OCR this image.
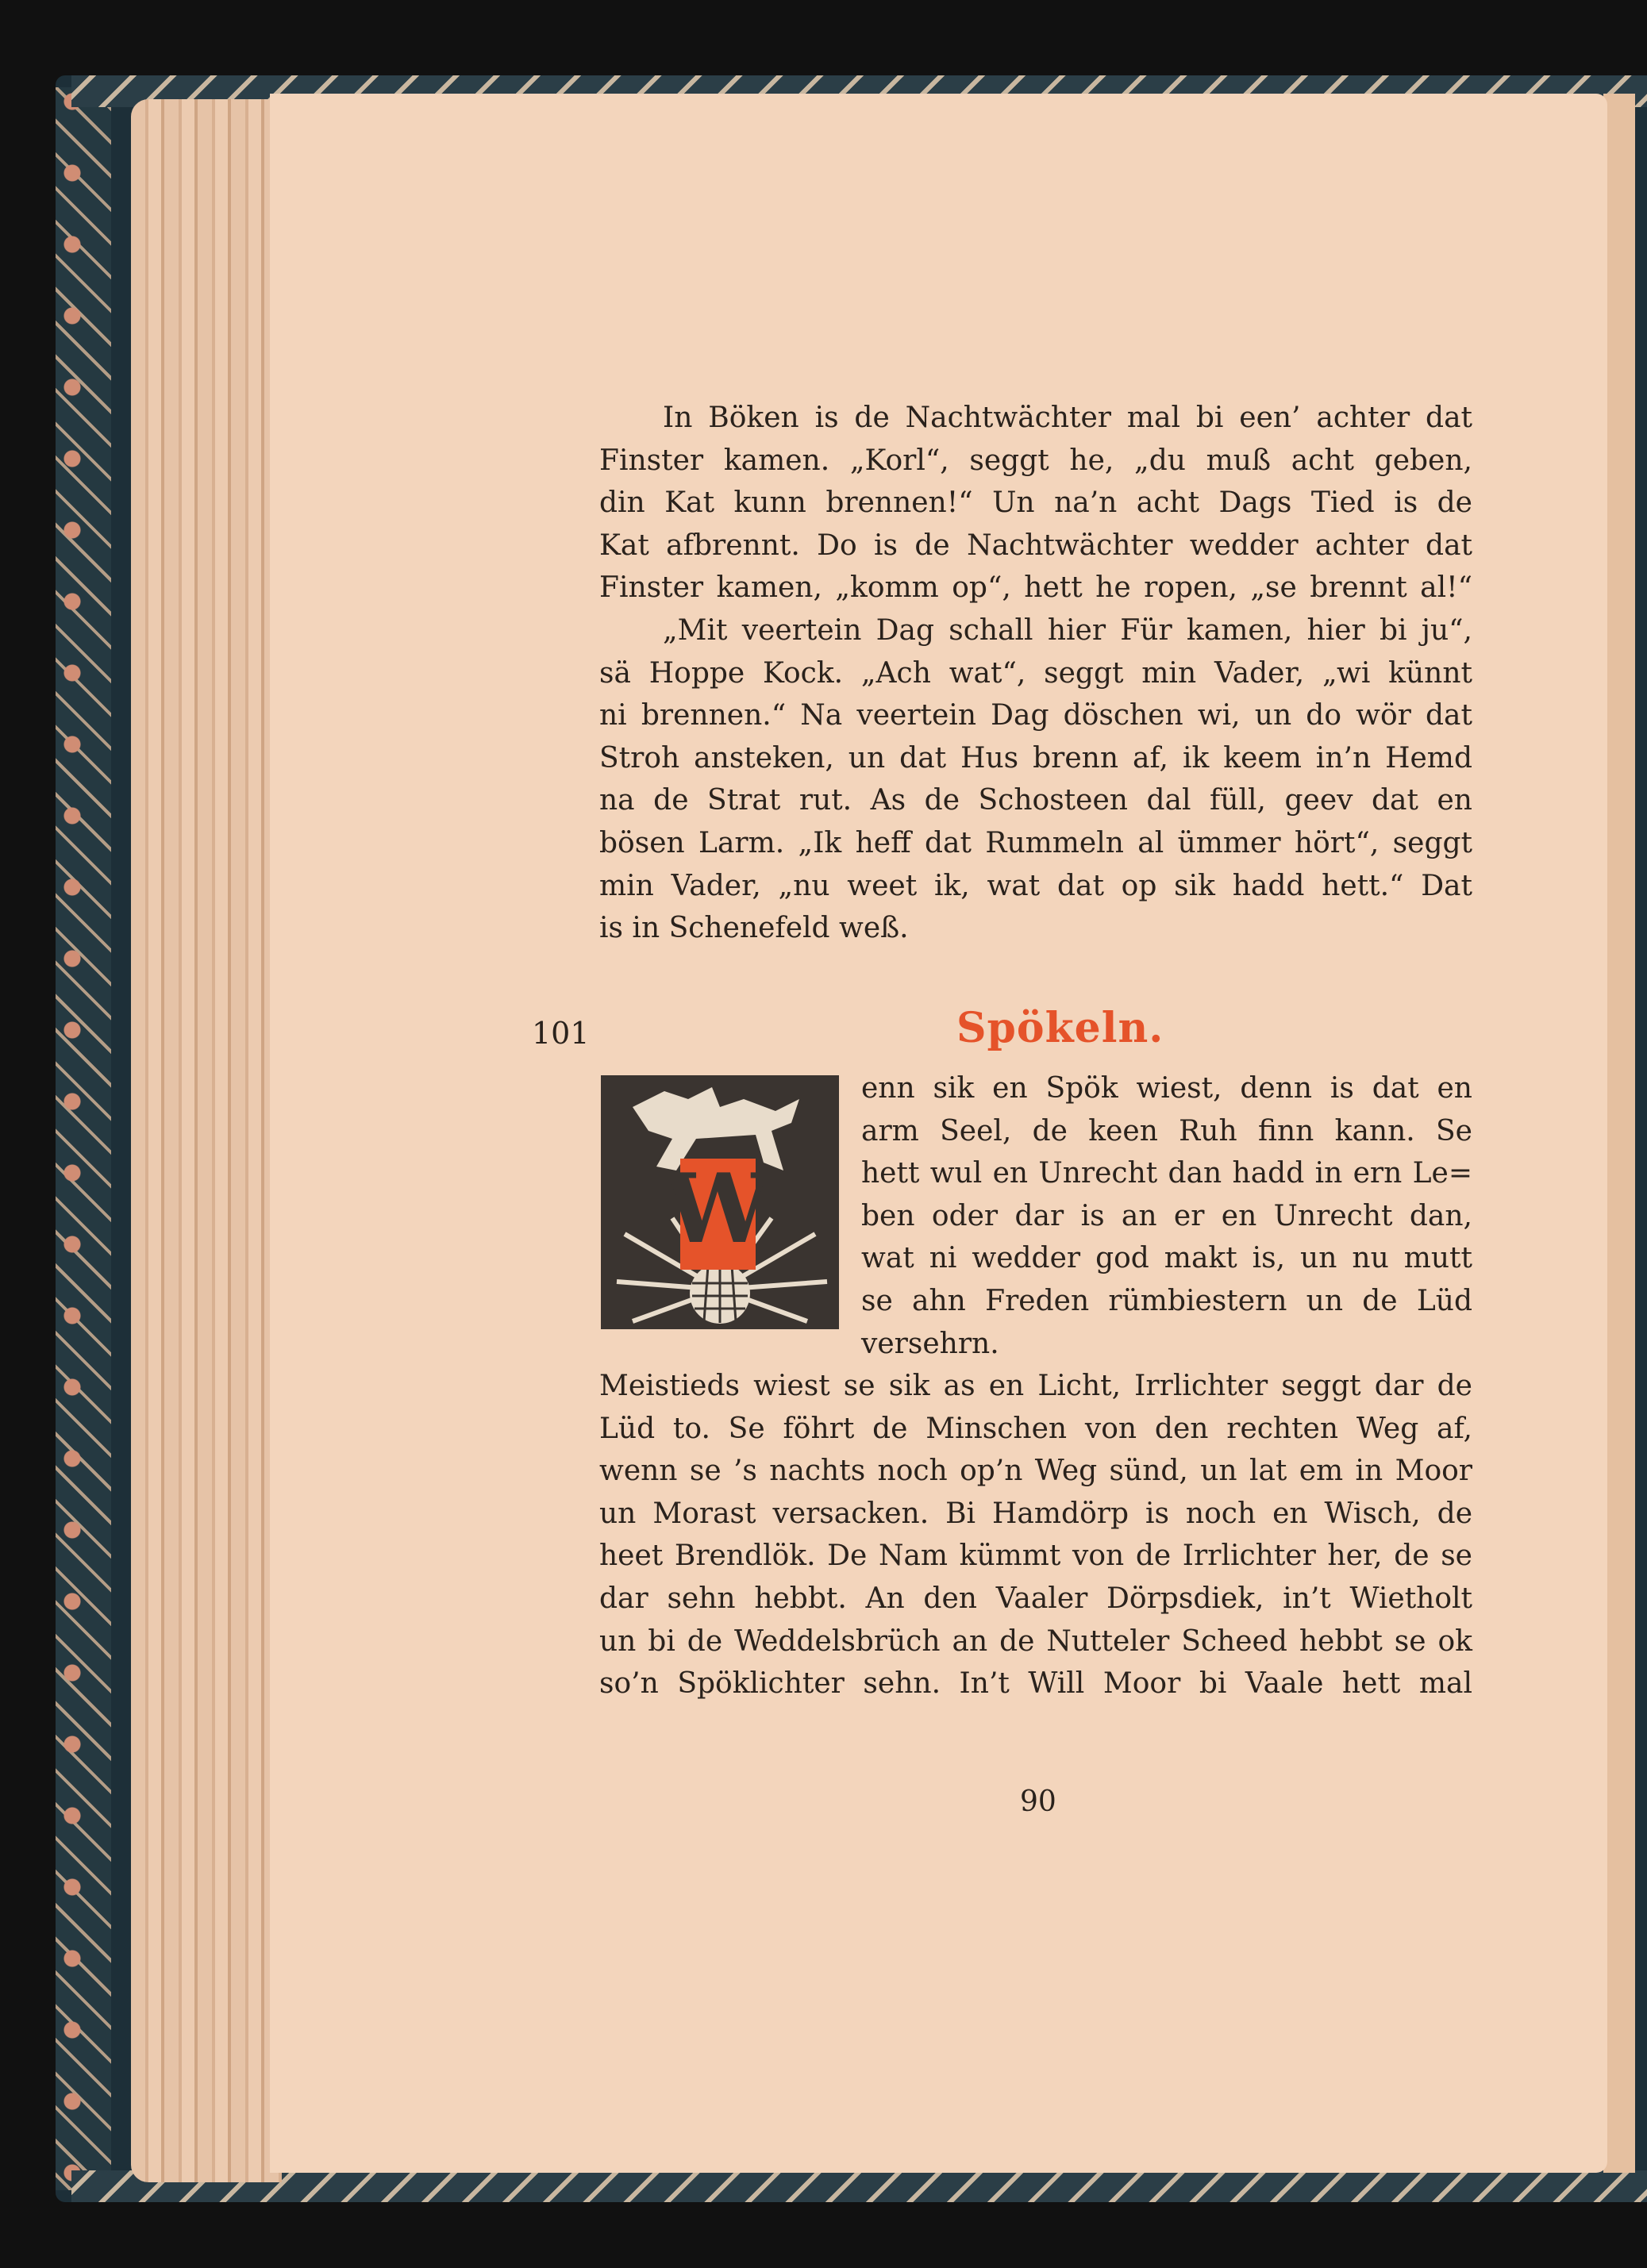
In Böken is de Nachtwächter mal bi een’ achter dat
Finster kamen. „Korl“, seggt he, „du muß acht geben,
din Kat kunn brennen!“ Un na’n acht Dags Tied is de
Kat afbrennt. Do is de Nachtwächter wedder achter dat
Finster kamen, „komm op“, hett he ropen, „se brennt al!“

„Mit veertein Dag schall hier Für kamen, hier bi ju“,
sä Hoppe Kock. „Ach wat“, seggt min Vader, „wi künnt
ni brennen.“ Na veertein Dag döschen wi, un do wör dat
Stroh ansteken, un dat Hus brenn af, ik keem in’n Hemd
na de Strat rut. As de Schosteen dal füll, geev dat en
bösen Larm. „Ik heff dat Rummeln al ümmer hört“, seggt
min Vader, „nu weet ik, wat dat op sik hadd hett.“ Dat
is in Schenefeld weß.

101	Spökeln.
W
enn sik en Spök wiest, denn is dat en
arm Seel, de keen Ruh finn kann. Se
hett wul en Unrecht dan hadd in ern Le=
ben oder dar is an er en Unrecht dan,
wat ni wedder god makt is, un nu mutt
se ahn Freden rümbiestern un de Lüd
versehrn.
Meistieds wiest se sik as en Licht, Irrlichter seggt dar de
Lüd to. Se föhrt de Minschen von den rechten Weg af,
wenn se ’s nachts noch op’n Weg sünd, un lat em in Moor
un Morast versacken. Bi Hamdörp is noch en Wisch, de
heet Brendlök. De Nam kümmt von de Irrlichter her, de se
dar sehn hebbt. An den Vaaler Dörpsdiek, in’t Wietholt
un bi de Weddelsbrüch an de Nutteler Scheed hebbt se ok
so’n Spöklichter sehn. In’t Will Moor bi Vaale hett mal
90
